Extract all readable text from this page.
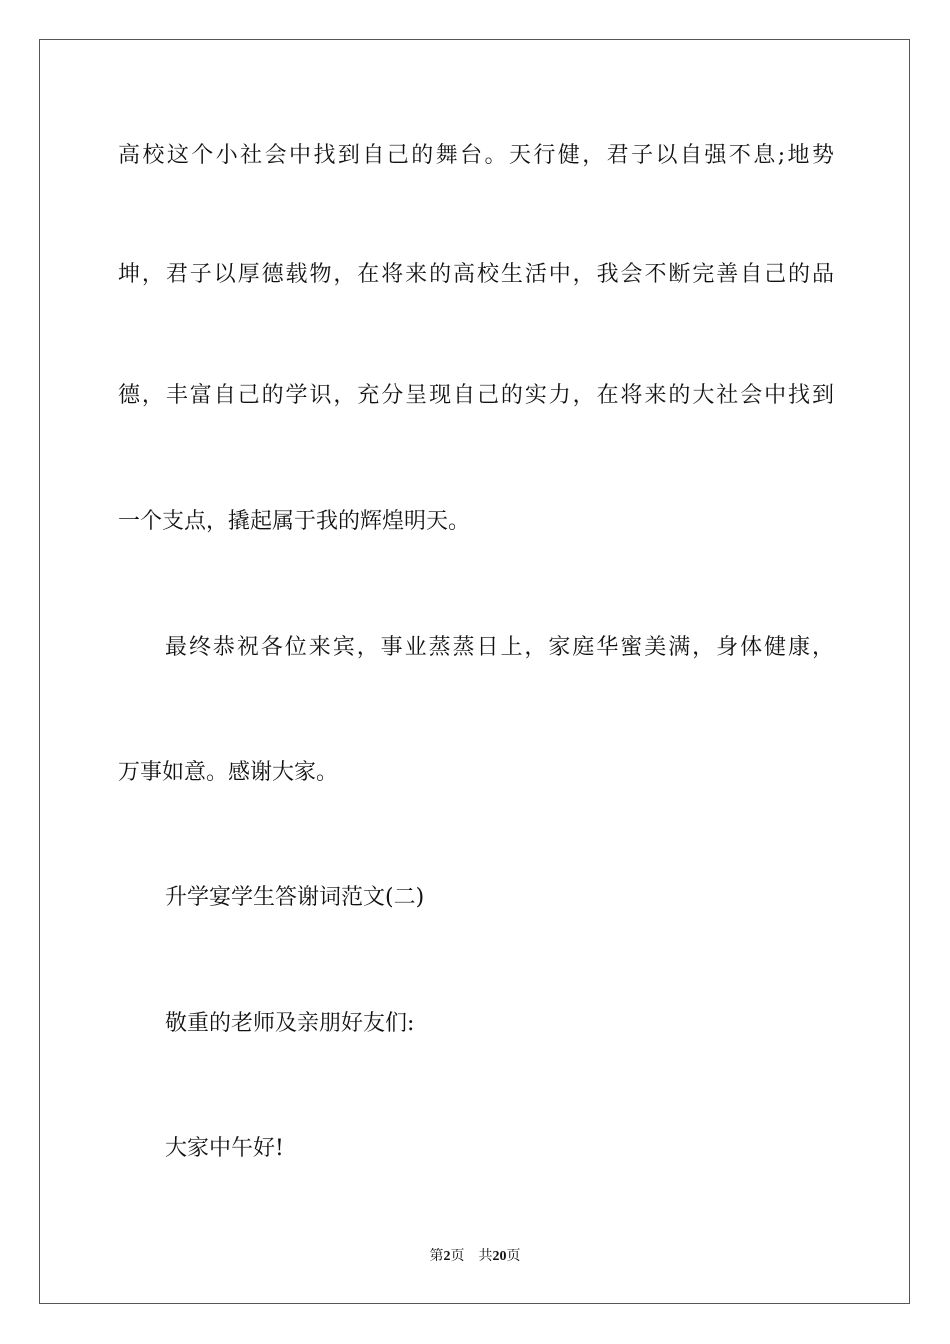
高校这个小社会中找到自己的舞台。天行健，君子以自强不息;地势
坤，君子以厚德载物，在将来的高校生活中，我会不断完善自己的品
德，丰富自己的学识，充分呈现自己的实力，在将来的大社会中找到
一个支点，撬起属于我的辉煌明天。
最终恭祝各位来宾，事业蒸蒸日上，家庭华蜜美满，身体健康，
万事如意。感谢大家。
升学宴学生答谢词范文(二)
敬重的老师及亲朋好友们:
大家中午好!
第2页 共20页
